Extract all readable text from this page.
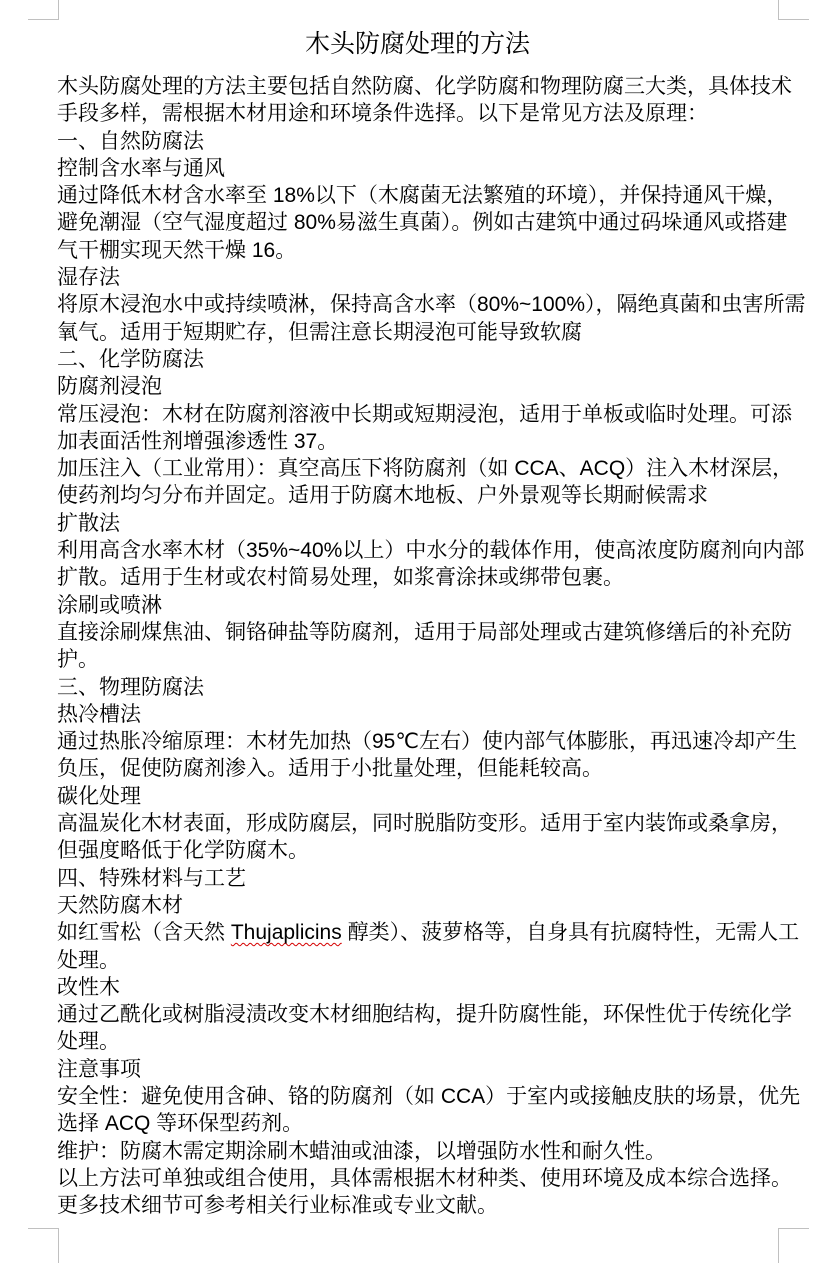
木头防腐处理的方法
木头防腐处理的方法主要包括自然防腐、化学防腐和物理防腐三大类，具体技术
手段多样，需根据木材用途和环境条件选择。以下是常见方法及原理：
一、自然防腐法
控制含水率与通风
通过降低木材含水率至 18%以下（木腐菌无法繁殖的环境），并保持通风干燥，
避免潮湿（空气湿度超过 80%易滋生真菌）。例如古建筑中通过码垛通风或搭建
气干棚实现天然干燥 16。
湿存法
将原木浸泡水中或持续喷淋，保持高含水率（80%~100%），隔绝真菌和虫害所需
氧气。适用于短期贮存，但需注意长期浸泡可能导致软腐
二、化学防腐法
防腐剂浸泡
常压浸泡：木材在防腐剂溶液中长期或短期浸泡，适用于单板或临时处理。可添
加表面活性剂增强渗透性 37。
加压注入（工业常用）：真空高压下将防腐剂（如 CCA、ACQ）注入木材深层，
使药剂均匀分布并固定。适用于防腐木地板、户外景观等长期耐候需求
扩散法
利用高含水率木材（35%~40%以上）中水分的载体作用，使高浓度防腐剂向内部
扩散。适用于生材或农村简易处理，如浆膏涂抹或绑带包裹。
涂刷或喷淋
直接涂刷煤焦油、铜铬砷盐等防腐剂，适用于局部处理或古建筑修缮后的补充防
护。
三、物理防腐法
热冷槽法
通过热胀冷缩原理：木材先加热（95℃左右）使内部气体膨胀，再迅速冷却产生
负压，促使防腐剂渗入。适用于小批量处理，但能耗较高。
碳化处理
高温炭化木材表面，形成防腐层，同时脱脂防变形。适用于室内装饰或桑拿房，
但强度略低于化学防腐木。
四、特殊材料与工艺
天然防腐木材
如红雪松（含天然 Thujaplicins 醇类）、菠萝格等，自身具有抗腐特性，无需人工
处理。
改性木
通过乙酰化或树脂浸渍改变木材细胞结构，提升防腐性能，环保性优于传统化学
处理。
注意事项
安全性：避免使用含砷、铬的防腐剂（如 CCA）于室内或接触皮肤的场景，优先
选择 ACQ 等环保型药剂。
维护：防腐木需定期涂刷木蜡油或油漆，以增强防水性和耐久性。
以上方法可单独或组合使用，具体需根据木材种类、使用环境及成本综合选择。
更多技术细节可参考相关行业标准或专业文献。
